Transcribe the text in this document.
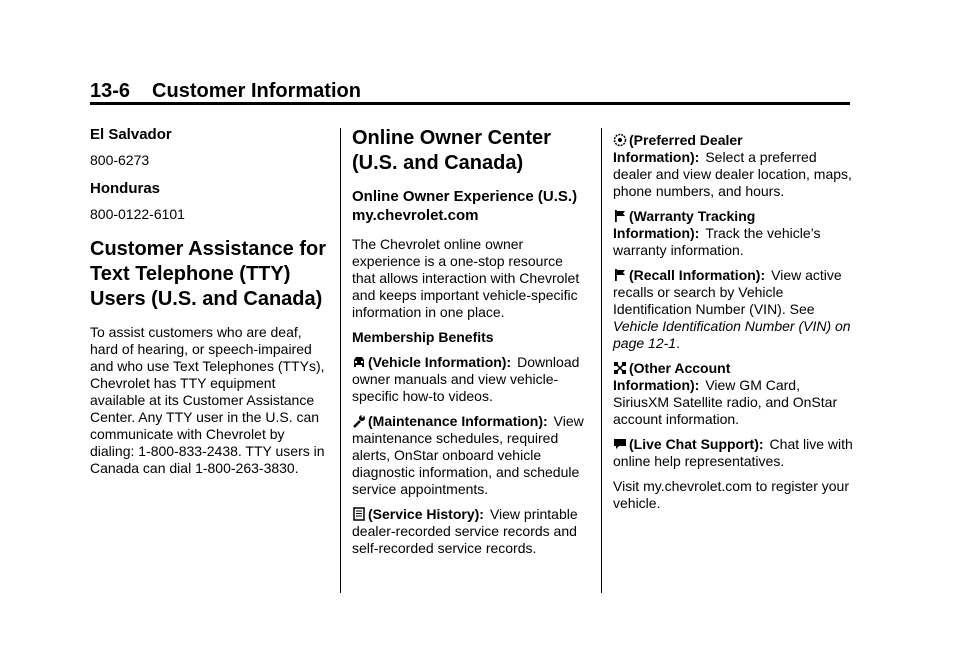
13-6 Customer Information
El Salvador

800-6273

Honduras

800-0122-6101

Customer Assistance for Text Telephone (TTY) Users (U.S. and Canada)

To assist customers who are deaf, hard of hearing, or speech-impaired and who use Text Telephones (TTYs), Chevrolet has TTY equipment available at its Customer Assistance Center. Any TTY user in the U.S. can communicate with Chevrolet by dialing: 1-800-833-2438. TTY users in Canada can dial 1-800-263-3830.

Online Owner Center (U.S. and Canada)
Online Owner Experience (U.S.) my.chevrolet.com

The Chevrolet online owner experience is a one-stop resource that allows interaction with Chevrolet and keeps important vehicle-specific information in one place.

Membership Benefits

(Vehicle Information): Download owner manuals and view vehicle-specific how-to videos.

(Maintenance Information): View maintenance schedules, required alerts, OnStar onboard vehicle diagnostic information, and schedule service appointments.

(Service History): View printable dealer-recorded service records and self-recorded service records.

(Preferred Dealer Information): Select a preferred dealer and view dealer location, maps, phone numbers, and hours.

(Warranty Tracking Information): Track the vehicle’s warranty information.

(Recall Information): View active recalls or search by Vehicle Identification Number (VIN). See Vehicle Identification Number (VIN) on page 12-1.

(Other Account Information): View GM Card, SiriusXM Satellite radio, and OnStar account information.

(Live Chat Support): Chat live with online help representatives.

Visit my.chevrolet.com to register your vehicle.
